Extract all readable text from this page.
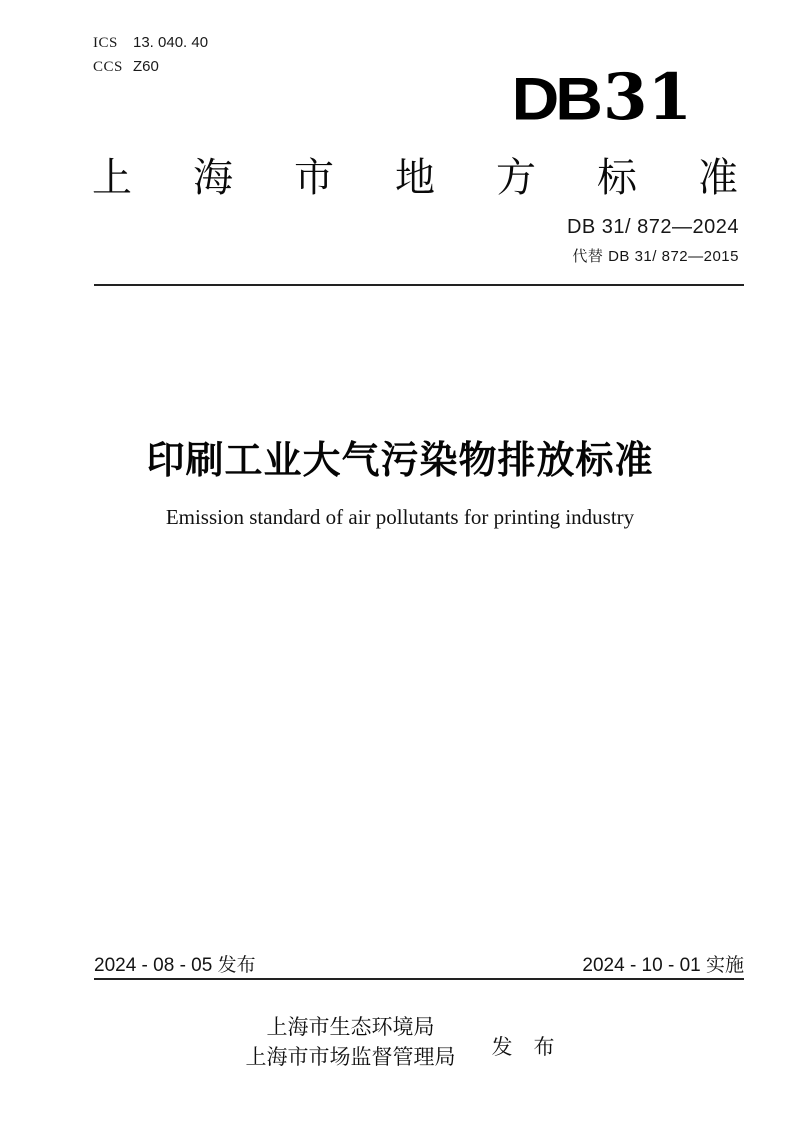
ICS 13. 040. 40
CCS Z60	DB31
上海市地方标准
DB 31/ 872—2024
代替 DB 31/ 872—2015
印刷工业大气污染物排放标准
Emission standard of air pollutants for printing industry
2024 - 08 - 05 发布	2024 - 10 - 01 实施
上海市生态环境局
上海市市场监督管理局 发　布
